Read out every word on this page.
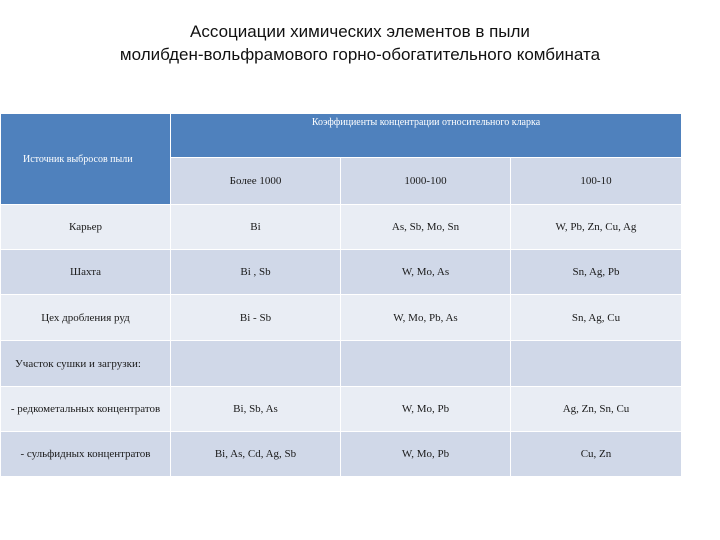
Ассоциации химических элементов в пыли
молибден-вольфрамового горно-обогатительного комбината
Источник выбросов пыли	Коэффициенты концентрации относительного кларка		
	Более 1000	1000-100	100-10
Карьер	Bi	As, Sb, Mo, Sn	W, Pb, Zn, Cu, Ag
Шахта	Bi , Sb	W, Mo, As	Sn, Ag, Pb
Цех дробления руд	Bi - Sb	W, Mo, Pb, As	Sn, Ag, Cu
Участок сушки и загрузки:			
- редкометальных концентратов	Bi, Sb, As	W, Mo, Pb	Ag, Zn, Sn, Cu
- сульфидных концентратов	Bi, As, Cd, Ag, Sb	W, Mo, Pb	Cu, Zn
